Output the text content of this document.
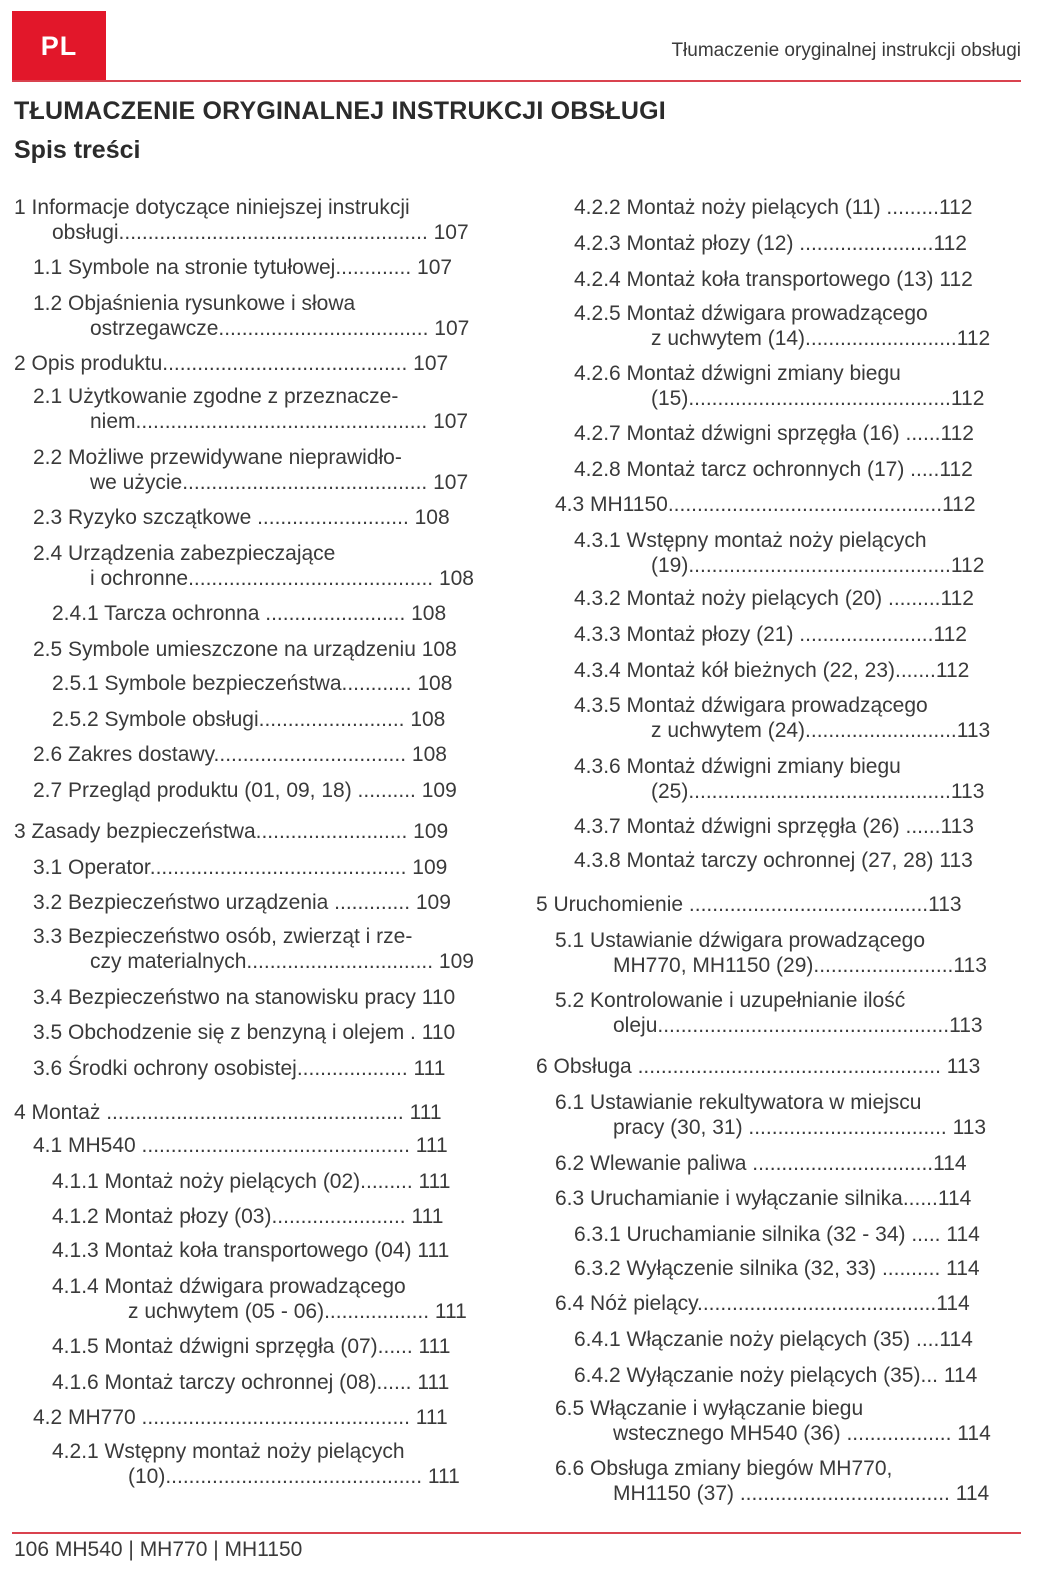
PL	Tłumaczenie oryginalnej instrukcji obsługi
TŁUMACZENIE ORYGINALNEJ INSTRUKCJI OBSŁUGI
Spis treści
1 Informacje dotyczące niniejszej instrukcji
obsługi..................................................... 107
1.1 Symbole na stronie tytułowej............. 107
1.2 Objaśnienia rysunkowe i słowa
ostrzegawcze.................................... 107
2 Opis produktu.......................................... 107
2.1 Użytkowanie zgodne z przeznacze-
niem.................................................. 107
2.2 Możliwe przewidywane nieprawidło-
we użycie.......................................... 107
2.3 Ryzyko szczątkowe .......................... 108
2.4 Urządzenia zabezpieczające
i ochronne.......................................... 108
2.4.1 Tarcza ochronna ........................ 108
2.5 Symbole umieszczone na urządzeniu 108
2.5.1 Symbole bezpieczeństwa............ 108
2.5.2 Symbole obsługi......................... 108
2.6 Zakres dostawy................................. 108
2.7 Przegląd produktu (01, 09, 18) .......... 109
3 Zasady bezpieczeństwa.......................... 109
3.1 Operator............................................ 109
3.2 Bezpieczeństwo urządzenia ............. 109
3.3 Bezpieczeństwo osób, zwierząt i rze-
czy materialnych................................ 109
3.4 Bezpieczeństwo na stanowisku pracy 110
3.5 Obchodzenie się z benzyną i olejem . 110
3.6 Środki ochrony osobistej................... 111
4 Montaż ................................................... 111
4.1 MH540 .............................................. 111
4.1.1 Montaż noży pielących (02)......... 111
4.1.2 Montaż płozy (03)....................... 111
4.1.3 Montaż koła transportowego (04) 111
4.1.4 Montaż dźwigara prowadzącego
z uchwytem (05 - 06).................. 111
4.1.5 Montaż dźwigni sprzęgła (07)...... 111
4.1.6 Montaż tarczy ochronnej (08)...... 111
4.2 MH770 .............................................. 111
4.2.1 Wstępny montaż noży pielących
(10)............................................ 111
4.2.2 Montaż noży pielących (11) .........112
4.2.3 Montaż płozy (12) .......................112
4.2.4 Montaż koła transportowego (13) 112
4.2.5 Montaż dźwigara prowadzącego
z uchwytem (14)..........................112
4.2.6 Montaż dźwigni zmiany biegu
(15).............................................112
4.2.7 Montaż dźwigni sprzęgła (16) ......112
4.2.8 Montaż tarcz ochronnych (17) .....112
4.3 MH1150...............................................112
4.3.1 Wstępny montaż noży pielących
(19).............................................112
4.3.2 Montaż noży pielących (20) .........112
4.3.3 Montaż płozy (21) .......................112
4.3.4 Montaż kół bieżnych (22, 23).......112
4.3.5 Montaż dźwigara prowadzącego
z uchwytem (24)..........................113
4.3.6 Montaż dźwigni zmiany biegu
(25).............................................113
4.3.7 Montaż dźwigni sprzęgła (26) ......113
4.3.8 Montaż tarczy ochronnej (27, 28) 113
5 Uruchomienie .........................................113
5.1 Ustawianie dźwigara prowadzącego
MH770, MH1150 (29)........................113
5.2 Kontrolowanie i uzupełnianie ilość
oleju..................................................113
6 Obsługa .................................................... 113
6.1 Ustawianie rekultywatora w miejscu
pracy (30, 31) .................................. 113
6.2 Wlewanie paliwa ...............................114
6.3 Uruchamianie i wyłączanie silnika......114
6.3.1 Uruchamianie silnika (32 - 34) ..... 114
6.3.2 Wyłączenie silnika (32, 33) .......... 114
6.4 Nóż pielący.........................................114
6.4.1 Włączanie noży pielących (35) ....114
6.4.2 Wyłączanie noży pielących (35)... 114
6.5 Włączanie i wyłączanie biegu
wstecznego MH540 (36) .................. 114
6.6 Obsługa zmiany biegów MH770,
MH1150 (37) .................................... 114
106 MH540 | MH770 | MH1150
